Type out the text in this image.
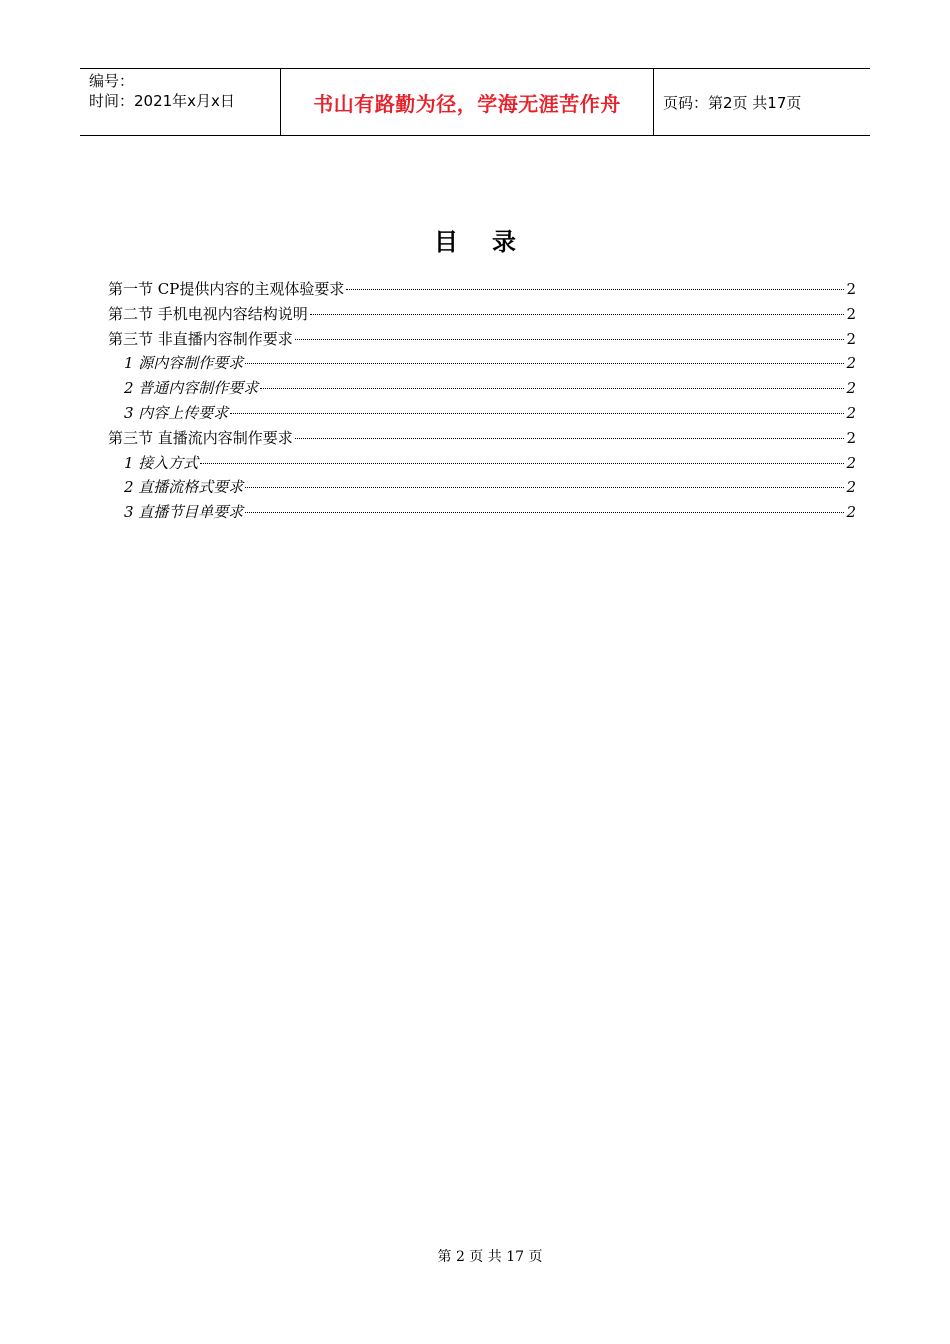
编号：
时间：2021年x月x日	书山有路勤为径，学海无涯苦作舟	页码：第2页 共17页
目录
第一节 CP提供内容的主观体验要求	2
第二节 手机电视内容结构说明	2
第三节 非直播内容制作要求	2
1 源内容制作要求	2
2 普通内容制作要求	2
3 内容上传要求	2
第三节 直播流内容制作要求	2
1 接入方式	2
2 直播流格式要求	2
3 直播节目单要求	2
第 2 页 共 17 页
